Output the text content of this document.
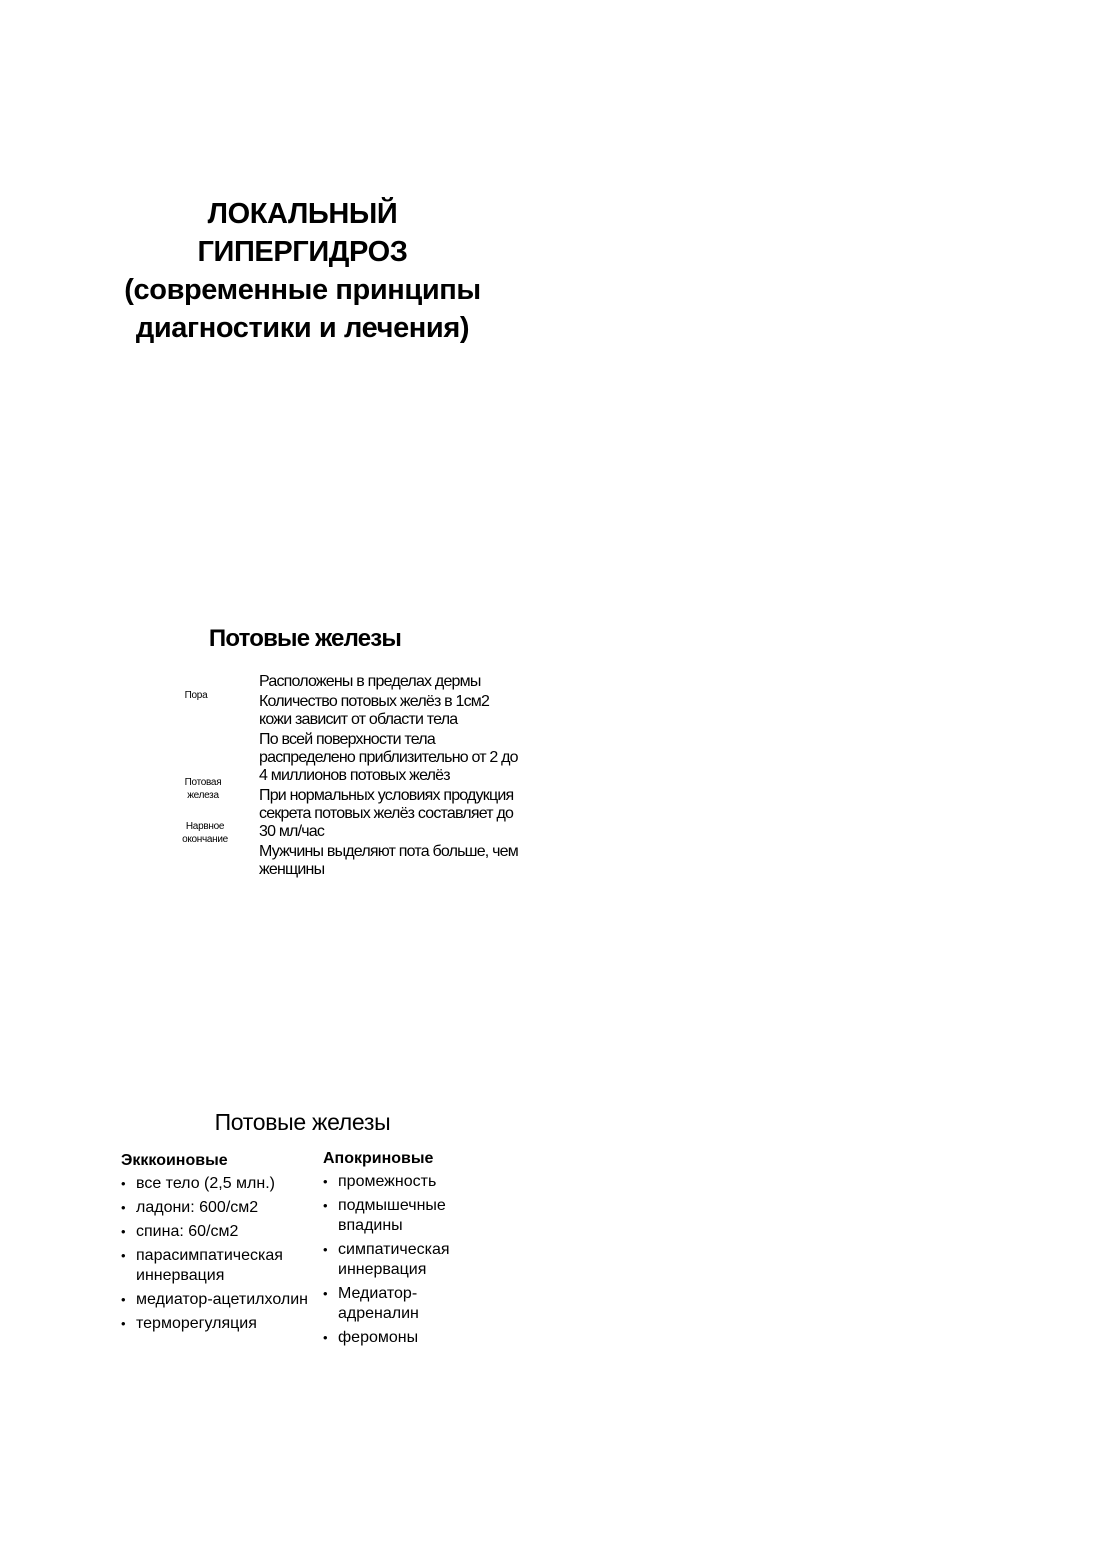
ЛОКАЛЬНЫЙ
ГИПЕРГИДРОЗ
(современные принципы
диагностики и лечения)
Потовые железы
Пора
Потовая железа
Нарвное окончание
Расположены в пределах дермы
Количество потовых желёз в 1см2 кожи зависит от области тела
По всей поверхности тела распределено приблизительно от 2 до 4 миллионов потовых желёз
При нормальных условиях продукция секрета потовых желёз составляет до 30 мл/час
Мужчины выделяют пота больше, чем женщины
Потовые железы
Экккоиновые
• все тело (2,5 млн.)
• ладони: 600/см2
• спина: 60/см2
• парасимпатическая иннервация
• медиатор-ацетилхолин
• терморегуляция
Апокриновые
• промежность
• подмышечные впадины
• симпатическая иннервация
• Медиатор-адреналин
• феромоны
